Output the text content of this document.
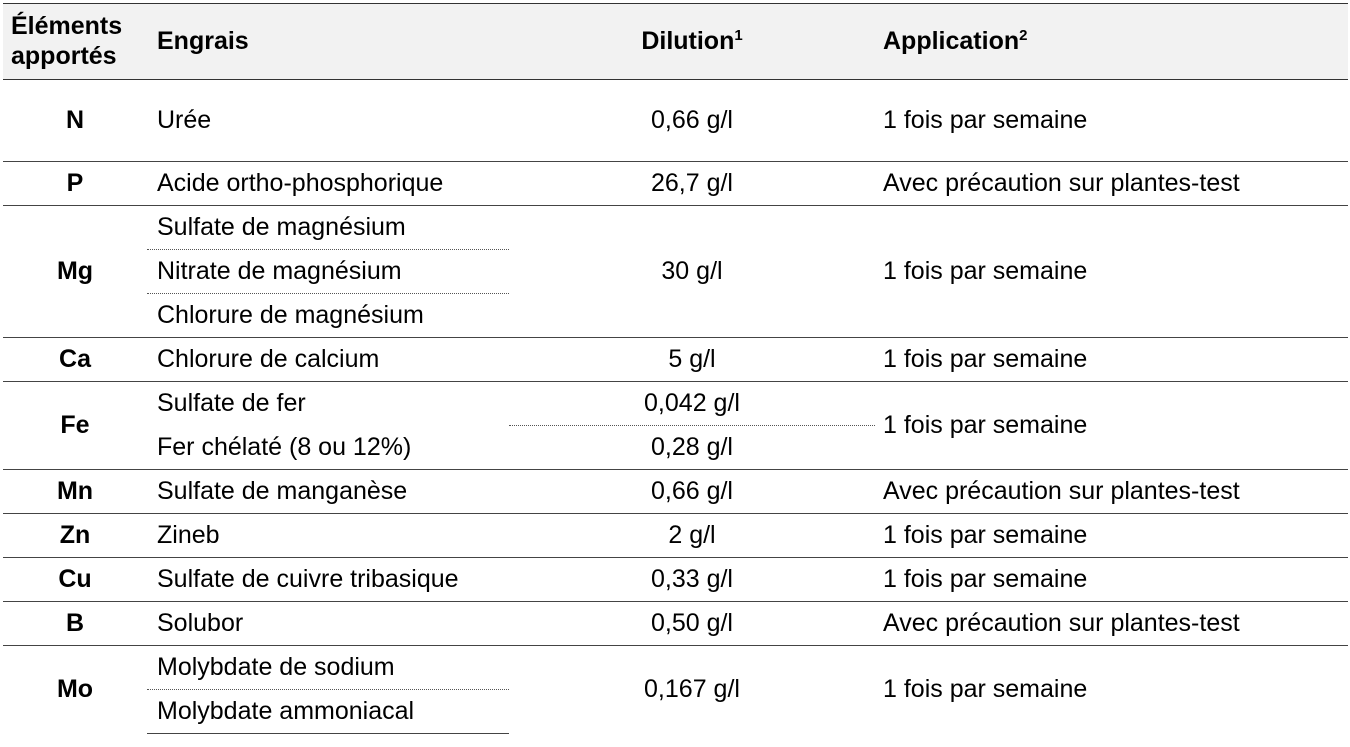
Éléments
apportés	Engrais	Dilution$^1$	Application$^2$
N	Urée	0,66 g/l	1 fois par semaine
P	Acide ortho-phosphorique	26,7 g/l	Avec précaution sur plantes-test
Mg	Sulfate de magnésium	30 g/l	1 fois par semaine
	Nitrate de magnésium		
	Chlorure de magnésium		
Ca	Chlorure de calcium	5 g/l	1 fois par semaine
Fe	Sulfate de fer	0,042 g/l	1 fois par semaine
	Fer chélaté (8 ou 12%)	0,28 g/l	
Mn	Sulfate de manganèse	0,66 g/l	Avec précaution sur plantes-test
Zn	Zineb	2 g/l	1 fois par semaine
Cu	Sulfate de cuivre tribasique	0,33 g/l	1 fois par semaine
B	Solubor	0,50 g/l	Avec précaution sur plantes-test
Mo	Molybdate de sodium	0,167 g/l	1 fois par semaine
	Molybdate ammoniacal		
